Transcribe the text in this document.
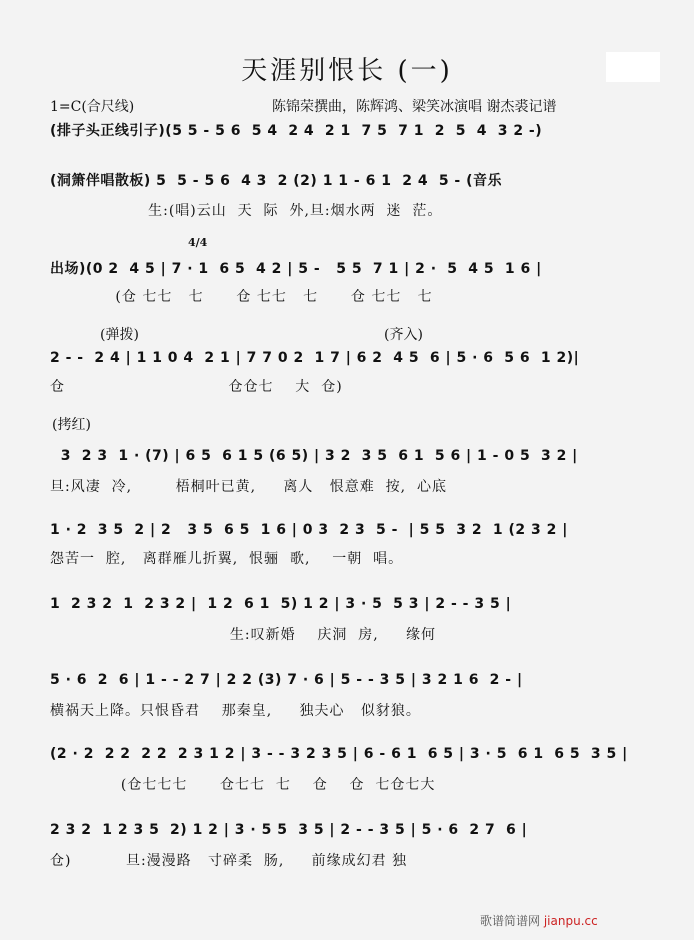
天涯别恨长 (一)
1=C(合尺线)	陈锦荣撰曲，陈辉鸿、梁笑冰演唱 谢杰裘记谱
(排子头正线引子)(5 5 - 5 6  5 4  2 4  2 1  7 5  7 1  2  5  4  3 2 -)
(洞箫伴唱散板) 5  5 - 5 6  4 3  2 (2) 1 1 - 6 1  2 4  5 - (音乐
生:(唱)云山  天  际  外,旦:烟水两  迷  茫。
4/4
出场)(0 2  4 5 | 7 · 1  6 5  4 2 | 5 -   5 5  7 1 | 2 ·  5  4 5  1 6 |
(仓 七七   七      仓 七七   七      仓 七七   七
(弹拨)	(齐入)
2 - -  2 4 | 1 1 0 4  2 1 | 7 7 0 2  1 7 | 6 2  4 5  6 | 5 · 6  5 6  1 2)|
仓                              仓仓七    大  仓)
(拷红)
3  2 3  1 · (7) | 6 5  6 1 5 (6 5) | 3 2  3 5  6 1  5 6 | 1 - 0 5  3 2 |
旦:风凄  冷,        梧桐叶已黄,     离人   恨意难  按,  心底
1 · 2  3 5  2 | 2   3 5  6 5  1 6 | 0 3  2 3  5 -  | 5 5  3 2  1 (2 3 2 |
怨苦一  腔,   离群雁儿折翼,  恨骊  歌,    一朝  唱。
1  2 3 2  1  2 3 2 |  1 2  6 1  5) 1 2 | 3 · 5  5 3 | 2 - - 3 5 |
生:叹新婚    庆洞  房,     缘何
5 · 6  2  6 | 1 - - 2 7 | 2 2 (3) 7 · 6 | 5 - - 3 5 | 3 2 1 6  2 - |
横祸天上降。只恨昏君    那秦皇,     独夫心   似豺狼。
(2 · 2  2 2  2 2  2 3 1 2 | 3 - - 3 2 3 5 | 6 - 6 1  6 5 | 3 · 5  6 1  6 5  3 5 |
(仓七七七      仓七七  七    仓    仓  七仓七大
2 3 2  1 2 3 5  2) 1 2 | 3 · 5 5  3 5 | 2 - - 3 5 | 5 · 6  2 7  6 |
仓)          旦:漫漫路   寸碎柔  肠,     前缘成幻君 独
歌谱简谱网 jianpu.cc
